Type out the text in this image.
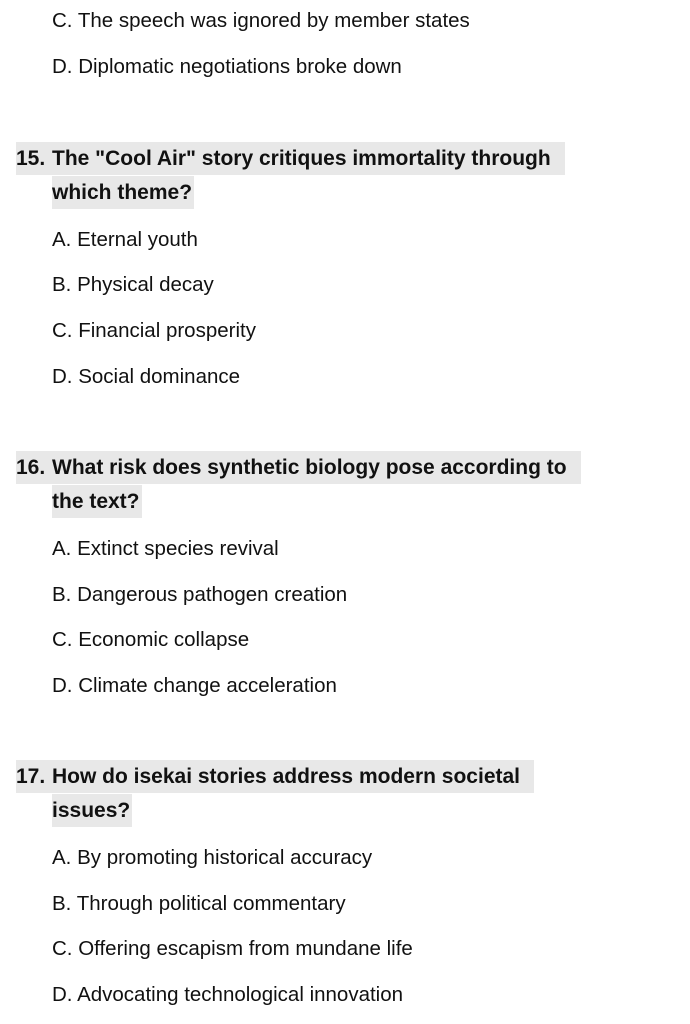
C. The speech was ignored by member states
D. Diplomatic negotiations broke down
15. The "Cool Air" story critiques immortality through
which theme?
A. Eternal youth
B. Physical decay
C. Financial prosperity
D. Social dominance
16. What risk does synthetic biology pose according to
the text?
A. Extinct species revival
B. Dangerous pathogen creation
C. Economic collapse
D. Climate change acceleration
17. How do isekai stories address modern societal
issues?
A. By promoting historical accuracy
B. Through political commentary
C. Offering escapism from mundane life
D. Advocating technological innovation
